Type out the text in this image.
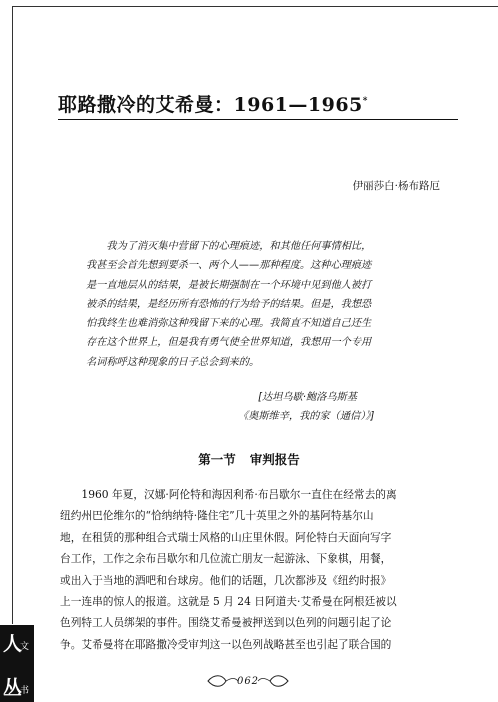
耶路撒冷的艾希曼：1961—1965*
伊丽莎白·杨布路厄
我为了消灭集中营留下的心理痕迹，和其他任何事情相比，
我甚至会首先想到要杀一、两个人——那种程度。这种心理痕迹
是一直地层从的结果，是被长期强制在一个环境中见到他人被打
被杀的结果，是经历所有恐怖的行为给予的结果。但是，我想恐
怕我终生也难消弥这种残留下来的心理。我简直不知道自己还生
存在这个世界上，但是我有勇气使全世界知道，我想用一个专用
名词称呼这种现象的日子总会到来的。
[达坦乌歇·鲍洛乌斯基
《奥斯维辛，我的家（通信）》]
第一节 审判报告
1960 年夏，汉娜·阿伦特和海因利希·布吕歇尔一直住在经常去的离
纽约州巴伦维尔的“恰纳纳特·隆住宅”几十英里之外的基阿特基尔山
地，在租赁的那种组合式瑞士风格的山庄里休假。阿伦特白天面向写字
台工作，工作之余布吕歇尔和几位流亡朋友一起游泳、下象棋，用餐，
或出入于当地的酒吧和台球房。他们的话题，几次都涉及《纽约时报》
上一连串的惊人的报道。这就是 5 月 24 日阿道夫·艾希曼在阿根廷被以
色列特工人员绑架的事件。围绕艾希曼被押送到以色列的问题引起了论
争。艾希曼将在耶路撒冷受审判这一以色列战略甚至也引起了联合国的
062
人
文
丛
书
